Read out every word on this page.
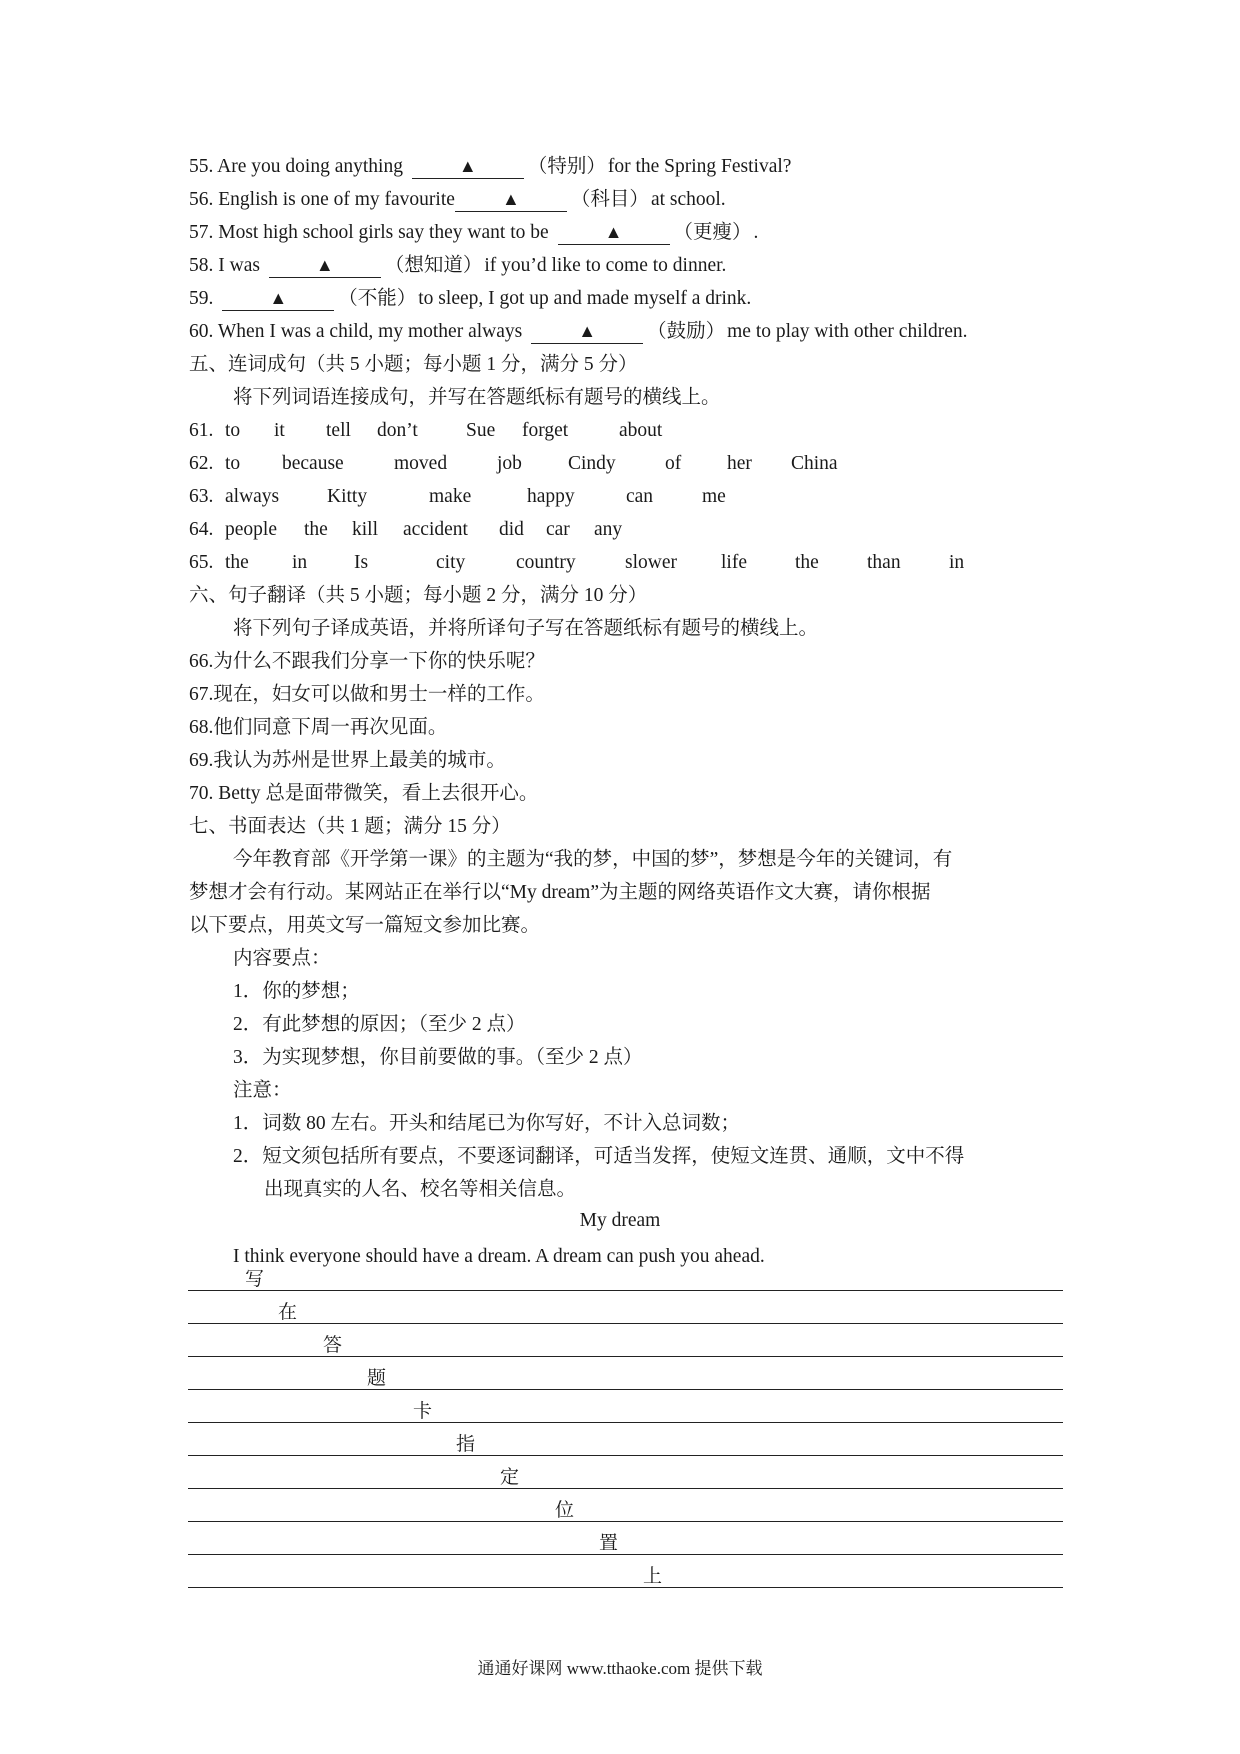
55. Are you doing anything	▲	（特别） for the Spring Festival?
56. English is one of my favourite	▲	（科目） at school.
57. Most high school girls say they want to be	▲	（更瘦） .
58. I was	▲	（想知道） if you’d like to come to dinner.
59.	▲	（不能） to sleep, I got up and made myself a drink.
60. When I was a child, my mother always	▲	（鼓励） me to play with other children.
五、连词成句（共 5 小题；每小题 1 分，满分 5 分）
将下列词语连接成句，并写在答题纸标有题号的横线上。
61. to it tell don’t Sue forget	about
62. to because	moved	job Cindy	of her China
63. always Kitty	make	happy	can	me
64. people the kill accident did car any
65. the in Is	city	country	slower life the than in
六、句子翻译（共 5 小题；每小题 2 分，满分 10 分）
将下列句子译成英语，并将所译句子写在答题纸标有题号的横线上。
66.为什么不跟我们分享一下你的快乐呢？
67.现在，妇女可以做和男士一样的工作。
68.他们同意下周一再次见面。
69.我认为苏州是世界上最美的城市。
70. Betty 总是面带微笑，看上去很开心。
七、书面表达（共 1 题；满分 15 分）
今年教育部《开学第一课》的主题为“我的梦，中国的梦”，梦想是今年的关键词，有
梦想才会有行动。某网站正在举行以“My dream”为主题的网络英语作文大赛，请你根据
以下要点，用英文写一篇短文参加比赛。
内容要点：
1．你的梦想；
2．有此梦想的原因；（至少 2 点）
3．为实现梦想，你目前要做的事。（至少 2 点）
注意：
1．词数 80 左右。开头和结尾已为你写好，不计入总词数；
2．短文须包括所有要点，不要逐词翻译，可适当发挥，使短文连贯、通顺，文中不得
出现真实的人名、校名等相关信息。
My dream
I think everyone should have a dream. A dream can push you ahead.
写
在
答
题
卡
指
定
位
置
上
通通好课网 www.tthaoke.com 提供下载
